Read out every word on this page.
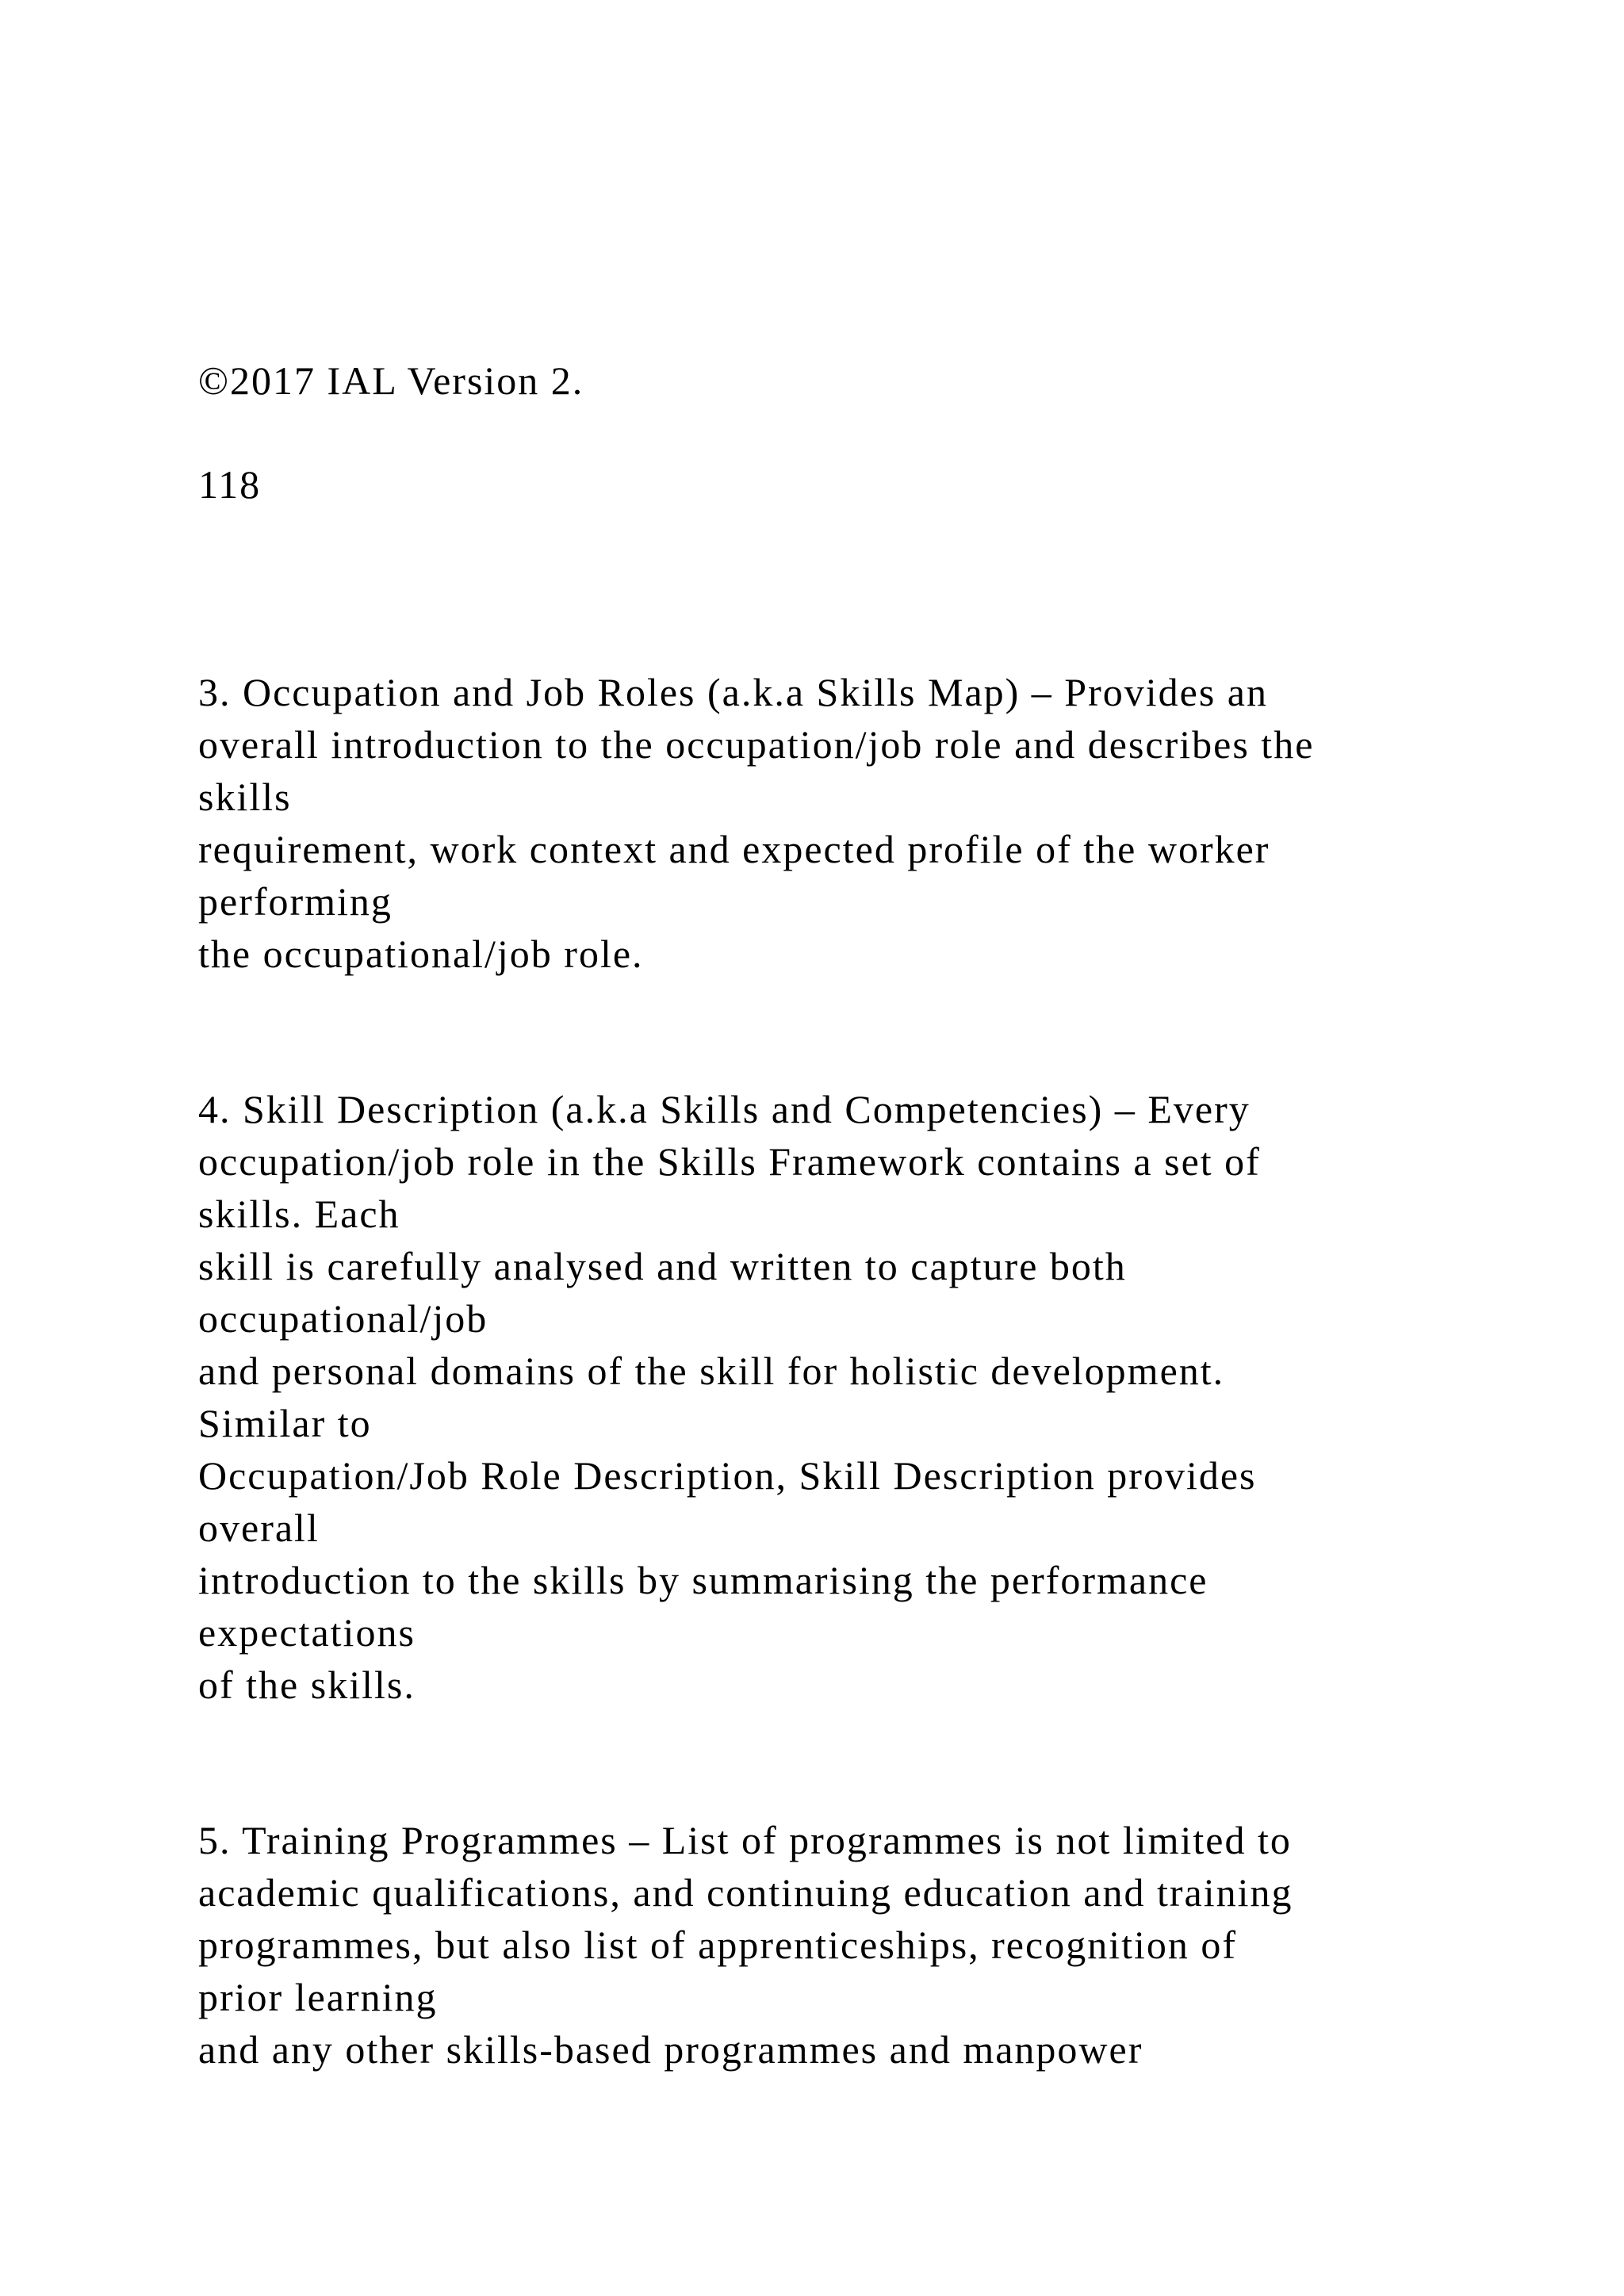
©2017 IAL Version 2.

118

3. Occupation and Job Roles (a.k.a Skills Map) – Provides an

overall introduction to the occupation/job role and describes the

skills

requirement, work context and expected profile of the worker

performing

the occupational/job role.

4. Skill Description (a.k.a Skills and Competencies) – Every

occupation/job role in the Skills Framework contains a set of

skills. Each

skill is carefully analysed and written to capture both

occupational/job

and personal domains of the skill for holistic development.

Similar to

Occupation/Job Role Description, Skill Description provides

overall

introduction to the skills by summarising the performance

expectations

of the skills.

5. Training Programmes – List of programmes is not limited to

academic qualifications, and continuing education and training

programmes, but also list of apprenticeships, recognition of

prior learning

and any other skills-based programmes and manpower
